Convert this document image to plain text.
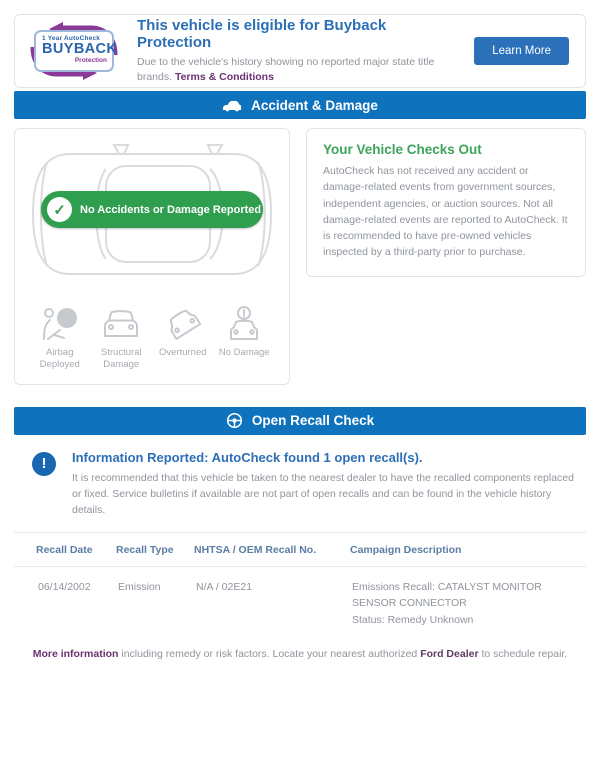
1 Year AutoCheck
BUYBACK
Protection
This vehicle is eligible for Buyback Protection
Due to the vehicle's history showing no reported major state title brands. Terms & Conditions
Learn More
Accident & Damage
✓	No Accidents or Damage Reported
Airbag Deployed
Structural Damage
Overturned	No Damage
Your Vehicle Checks Out
AutoCheck has not received any accident or damage-related events from government sources, independent agencies, or auction sources. Not all damage-related events are reported to AutoCheck. It is recommended to have pre-owned vehicles inspected by a third-party prior to purchase.
Open Recall Check
!	Information Reported: AutoCheck found 1 open recall(s).
It is recommended that this vehicle be taken to the nearest dealer to have the recalled components replaced or fixed. Service bulletins if available are not part of open recalls and can be found in the vehicle history details.
Recall Date	Recall Type	NHTSA / OEM Recall No.	Campaign Description
06/14/2002	Emission	N/A / 02E21	Emissions Recall: CATALYST MONITOR SENSOR CONNECTOR
Status: Remedy Unknown

More information including remedy or risk factors. Locate your nearest authorized Ford Dealer to schedule repair.
